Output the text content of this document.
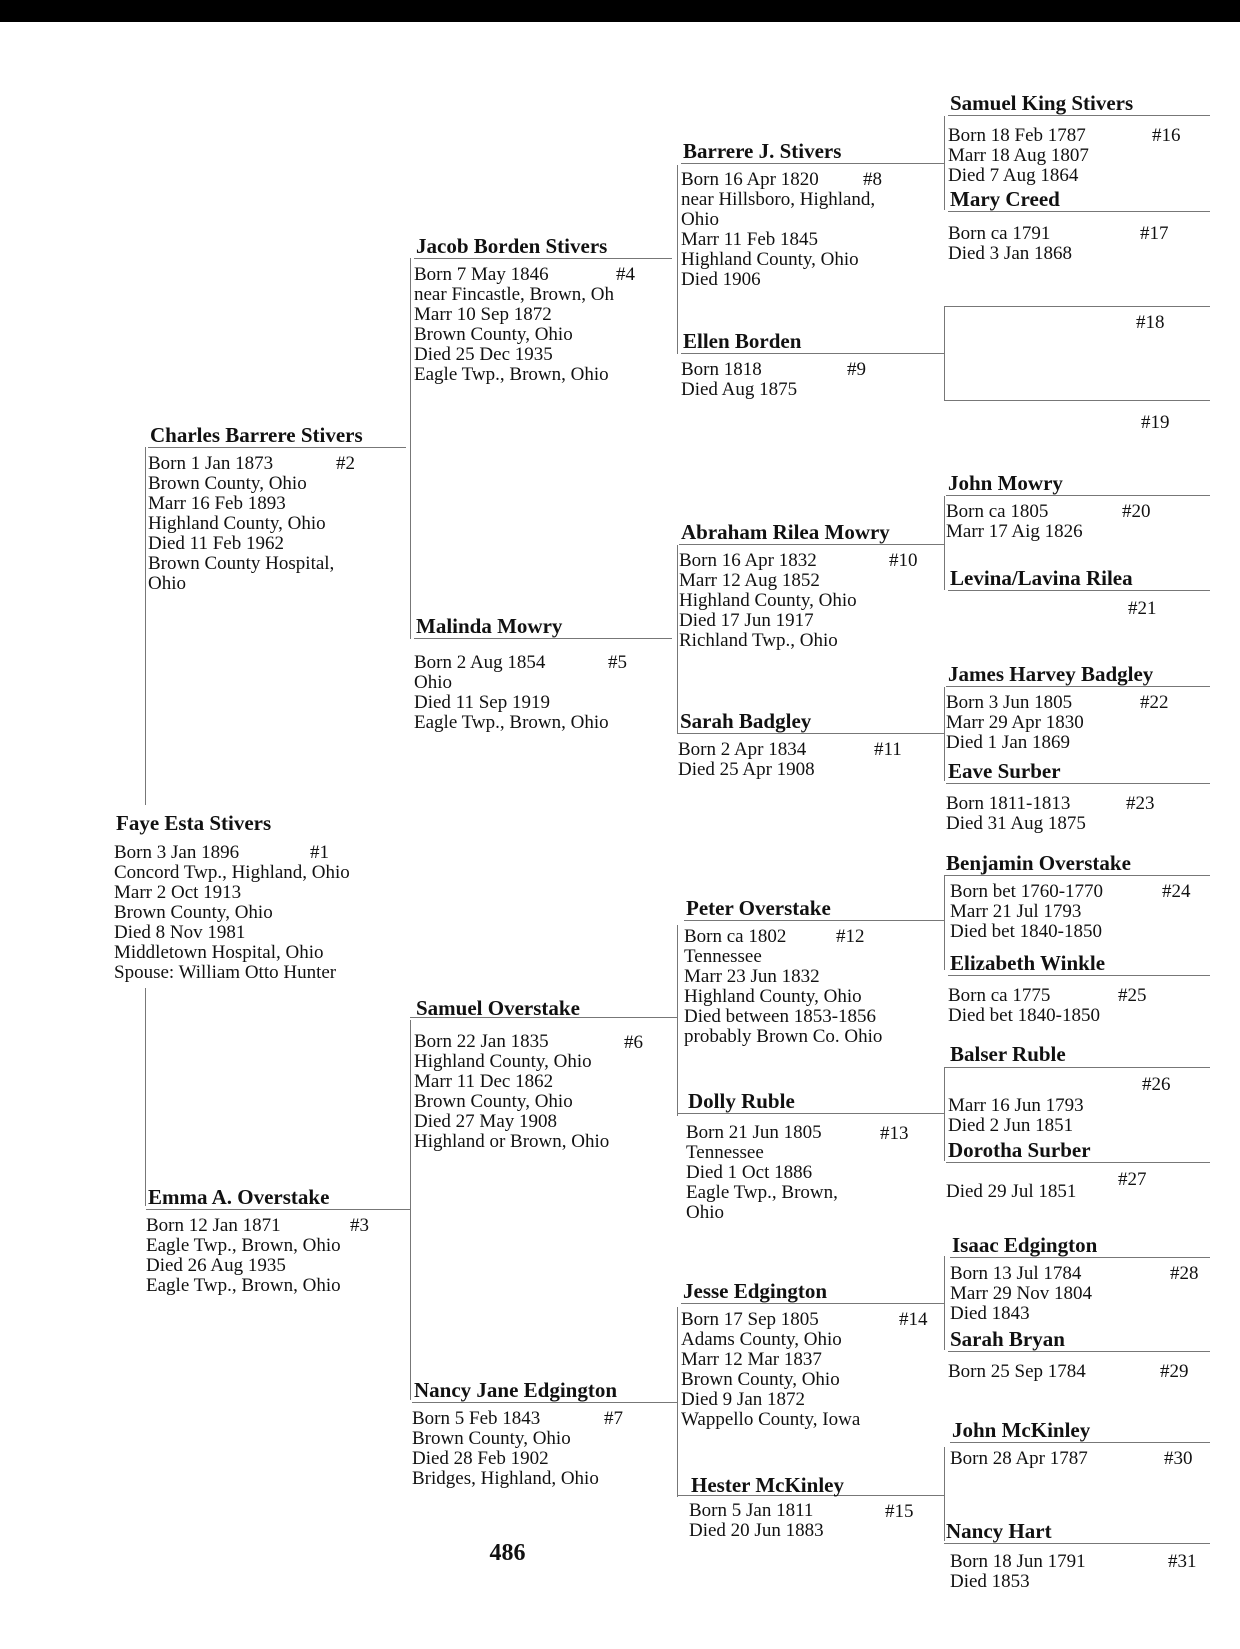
Faye Esta Stivers
Born 3 Jan 1896
Concord Twp., Highland, Ohio
Marr 2 Oct 1913
Brown County, Ohio
Died 8 Nov 1981
Middletown Hospital, Ohio
Spouse: William Otto Hunter
#1
Charles Barrere Stivers
Born 1 Jan 1873
Brown County, Ohio
Marr 16 Feb 1893
Highland County, Ohio
Died 11 Feb 1962
Brown County Hospital,
Ohio
#2
Emma A. Overstake
Born 12 Jan 1871
Eagle Twp., Brown, Ohio
Died 26 Aug 1935
Eagle Twp., Brown, Ohio
#3
Jacob Borden Stivers
Born 7 May 1846
near Fincastle, Brown, Oh
Marr 10 Sep 1872
Brown County, Ohio
Died 25 Dec 1935
Eagle Twp., Brown, Ohio
#4
Malinda Mowry
Born 2 Aug 1854
Ohio
Died 11 Sep 1919
Eagle Twp., Brown, Ohio
#5
Samuel Overstake
Born 22 Jan 1835
Highland County, Ohio
Marr 11 Dec 1862
Brown County, Ohio
Died 27 May 1908
Highland or Brown, Ohio
#6
Nancy Jane Edgington
Born 5 Feb 1843
Brown County, Ohio
Died 28 Feb 1902
Bridges, Highland, Ohio
#7
Barrere J. Stivers
Born 16 Apr 1820
near Hillsboro, Highland,
Ohio
Marr 11 Feb 1845
Highland County, Ohio
Died 1906
#8
Ellen Borden
Born 1818
Died Aug 1875
#9
Abraham Rilea Mowry
Born 16 Apr 1832
Marr 12 Aug 1852
Highland County, Ohio
Died 17 Jun 1917
Richland Twp., Ohio
#10
Sarah Badgley
Born 2 Apr 1834
Died 25 Apr 1908
#11
Peter Overstake
Born ca 1802
Tennessee
Marr 23 Jun 1832
Highland County, Ohio
Died between 1853-1856
probably Brown Co. Ohio
#12
Dolly Ruble
Born 21 Jun 1805
Tennessee
Died 1 Oct 1886
Eagle Twp., Brown,
Ohio
#13
Jesse Edgington
Born 17 Sep 1805
Adams County, Ohio
Marr 12 Mar 1837
Brown County, Ohio
Died 9 Jan 1872
Wappello County, Iowa
#14
Hester McKinley
Born 5 Jan 1811
Died 20 Jun 1883
#15
Samuel King Stivers
Born 18 Feb 1787
Marr 18 Aug 1807
Died 7 Aug 1864
#16
Mary Creed
Born ca 1791
Died 3 Jan 1868
#17
#18
#19
John Mowry
Born ca 1805
Marr 17 Aig 1826
#20
Levina/Lavina Rilea
#21
James Harvey Badgley
Born 3 Jun 1805
Marr 29 Apr 1830
Died 1 Jan 1869
#22
Eave Surber
Born 1811-1813
Died 31 Aug 1875
#23
Benjamin Overstake
Born bet 1760-1770
Marr 21 Jul 1793
Died bet 1840-1850
#24
Elizabeth Winkle
Born ca 1775
Died bet 1840-1850
#25
Balser Ruble
Marr 16 Jun 1793
Died 2 Jun 1851
#26
Dorotha Surber
Died 29 Jul 1851
#27
Isaac Edgington
Born 13 Jul 1784
Marr 29 Nov 1804
Died 1843
#28
Sarah Bryan
Born 25 Sep 1784	#29
John McKinley
Born 28 Apr 1787	#30
Nancy Hart
Born 18 Jun 1791
Died 1853
#31
486
